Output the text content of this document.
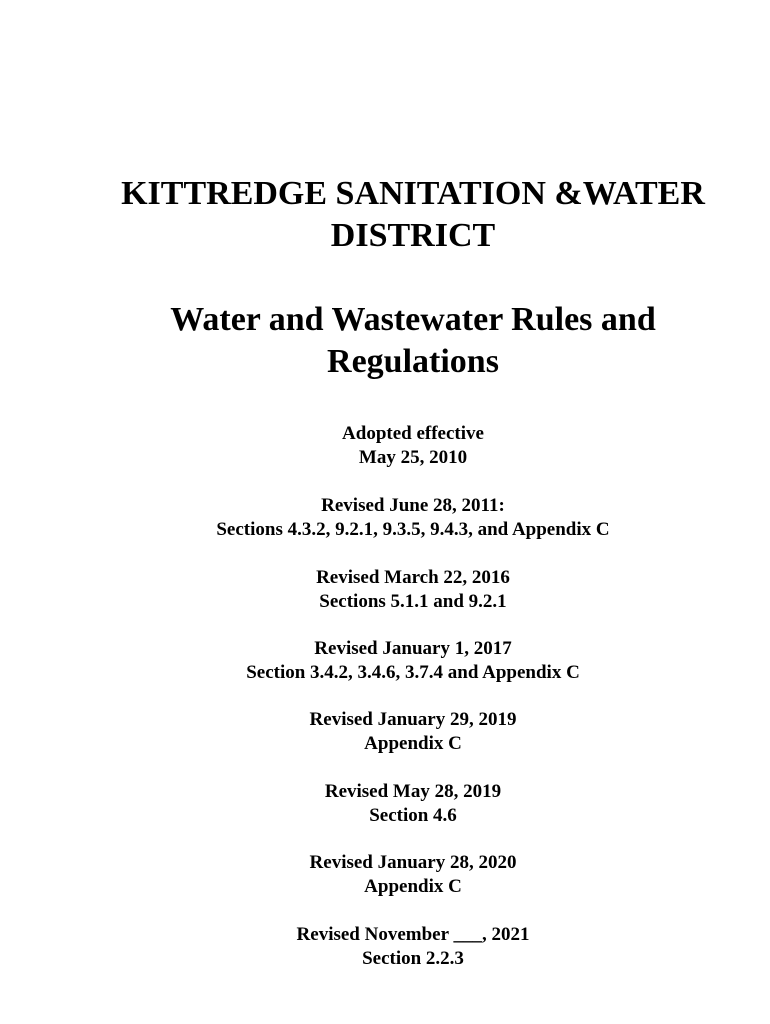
KITTREDGE SANITATION &WATER
DISTRICT
Water and Wastewater Rules and
Regulations
Adopted effective
May 25, 2010
Revised June 28, 2011:
Sections 4.3.2, 9.2.1, 9.3.5, 9.4.3, and Appendix C
Revised March 22, 2016
Sections 5.1.1 and 9.2.1
Revised January 1, 2017
Section 3.4.2, 3.4.6, 3.7.4 and Appendix C
Revised January 29, 2019
Appendix C
Revised May 28, 2019
Section 4.6
Revised January 28, 2020
Appendix C
Revised November ___, 2021
Section 2.2.3
